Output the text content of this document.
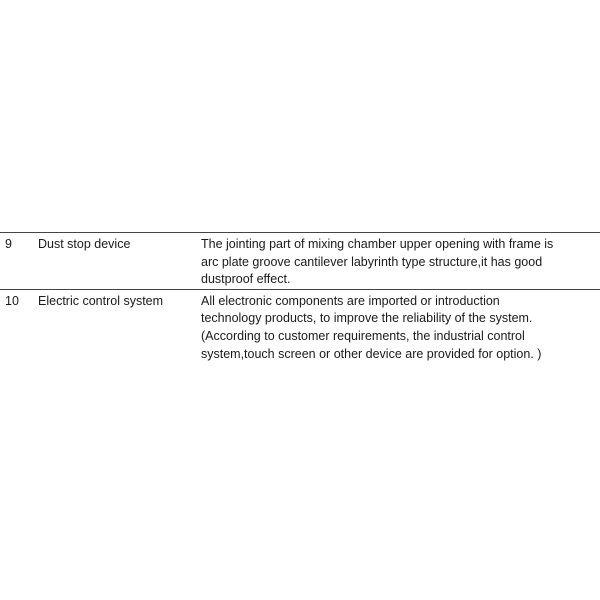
9	Dust stop device	The jointing part of mixing chamber upper opening with frame is
arc plate groove cantilever labyrinth type structure,it has good
dustproof effect.

10	Electric control system	All electronic components are imported or introduction
technology products, to improve the reliability of the system.
(According to customer requirements, the industrial control
system,touch screen or other device are provided for option. )
